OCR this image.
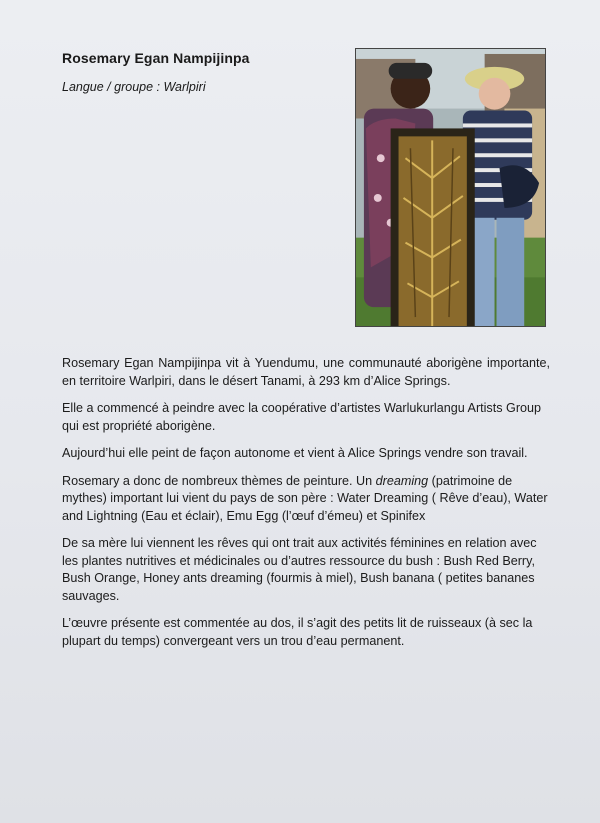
Rosemary Egan Nampijinpa
Langue / groupe : Warlpiri

Rosemary Egan Nampijinpa vit à Yuendumu, une communauté aborigène importante, en territoire Warlpiri, dans le désert Tanami, à 293 km d’Alice Springs.

Elle a commencé à peindre avec la coopérative d’artistes Warlukurlangu Artists Group qui est propriété aborigène.

Aujourd’hui elle peint de façon autonome et vient à Alice Springs vendre son travail.

Rosemary a donc de nombreux thèmes de peinture. Un dreaming (patrimoine de mythes) important lui vient du pays de son père : Water Dreaming ( Rêve d’eau), Water and Lightning (Eau et éclair), Emu Egg (l’œuf d’émeu) et Spinifex

De sa mère lui viennent les rêves qui ont trait aux activités féminines en relation avec les plantes nutritives et médicinales ou d’autres ressource du bush : Bush Red Berry, Bush Orange, Honey ants dreaming (fourmis à miel), Bush banana ( petites bananes sauvages.

L’œuvre présente est commentée au dos, il s’agit des petits lit de ruisseaux (à sec la plupart du temps) convergeant vers un trou d’eau permanent.
